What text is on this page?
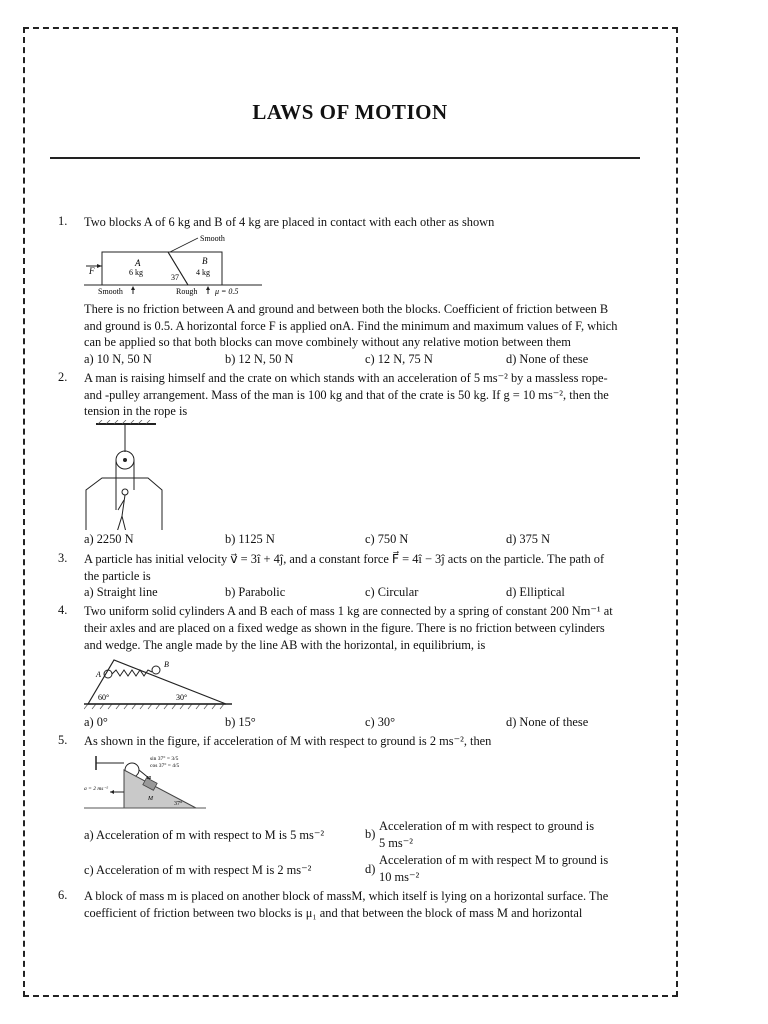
LAWS OF MOTION
1. Two blocks A of 6 kg and B of 4 kg are placed in contact with each other as shown
Smooth
F
A
6 kg
B
4 kg
37
Smooth	Rough μ = 0.5
There is no friction between A and ground and between both the blocks. Coefficient of friction between B
and ground is 0.5. A horizontal force F is applied onA. Find the minimum and maximum values of F, which
can be applied so that both blocks can move combinely without any relative motion between them
a) 10 N, 50 N	b) 12 N, 50 N	c) 12 N, 75 N	d) None of these
2. A man is raising himself and the crate on which stands with an acceleration of 5 ms⁻² by a massless rope-
and -pulley arrangement. Mass of the man is 100 kg and that of the crate is 50 kg. If g = 10 ms⁻², then the
tension in the rope is
a) 2250 N	b) 1125 N	c) 750 N	d) 375 N
3. A particle has initial velocity v⃗ = 3î + 4ĵ, and a constant force F⃗ = 4î − 3ĵ acts on the particle. The path of
the particle is
a) Straight line	b) Parabolic	c) Circular	d) Elliptical
4. Two uniform solid cylinders A and B each of mass 1 kg are connected by a spring of constant 200 Nm⁻¹ at
their axles and are placed on a fixed wedge as shown in the figure. There is no friction between cylinders
and wedge. The angle made by the line AB with the horizontal, in equilibrium, is
A
B
60°	30°
a) 0°	b) 15°	c) 30°	d) None of these
5. As shown in the figure, if acceleration of M with respect to ground is 2 ms⁻², then
sin 37° = 3/5
cos 37° = 4/5
a = 2 ms⁻²
m
M
37°
a) Acceleration of m with respect to M is 5 ms⁻²	b)
Acceleration of m with respect to ground is
5 ms⁻²
c) Acceleration of m with respect M is 2 ms⁻²	d)
Acceleration of m with respect M to ground is
10 ms⁻²
6. A block of mass m is placed on another block of massM, which itself is lying on a horizontal surface. The
coefficient of friction between two blocks is μ₁ and that between the block of mass M and horizontal
